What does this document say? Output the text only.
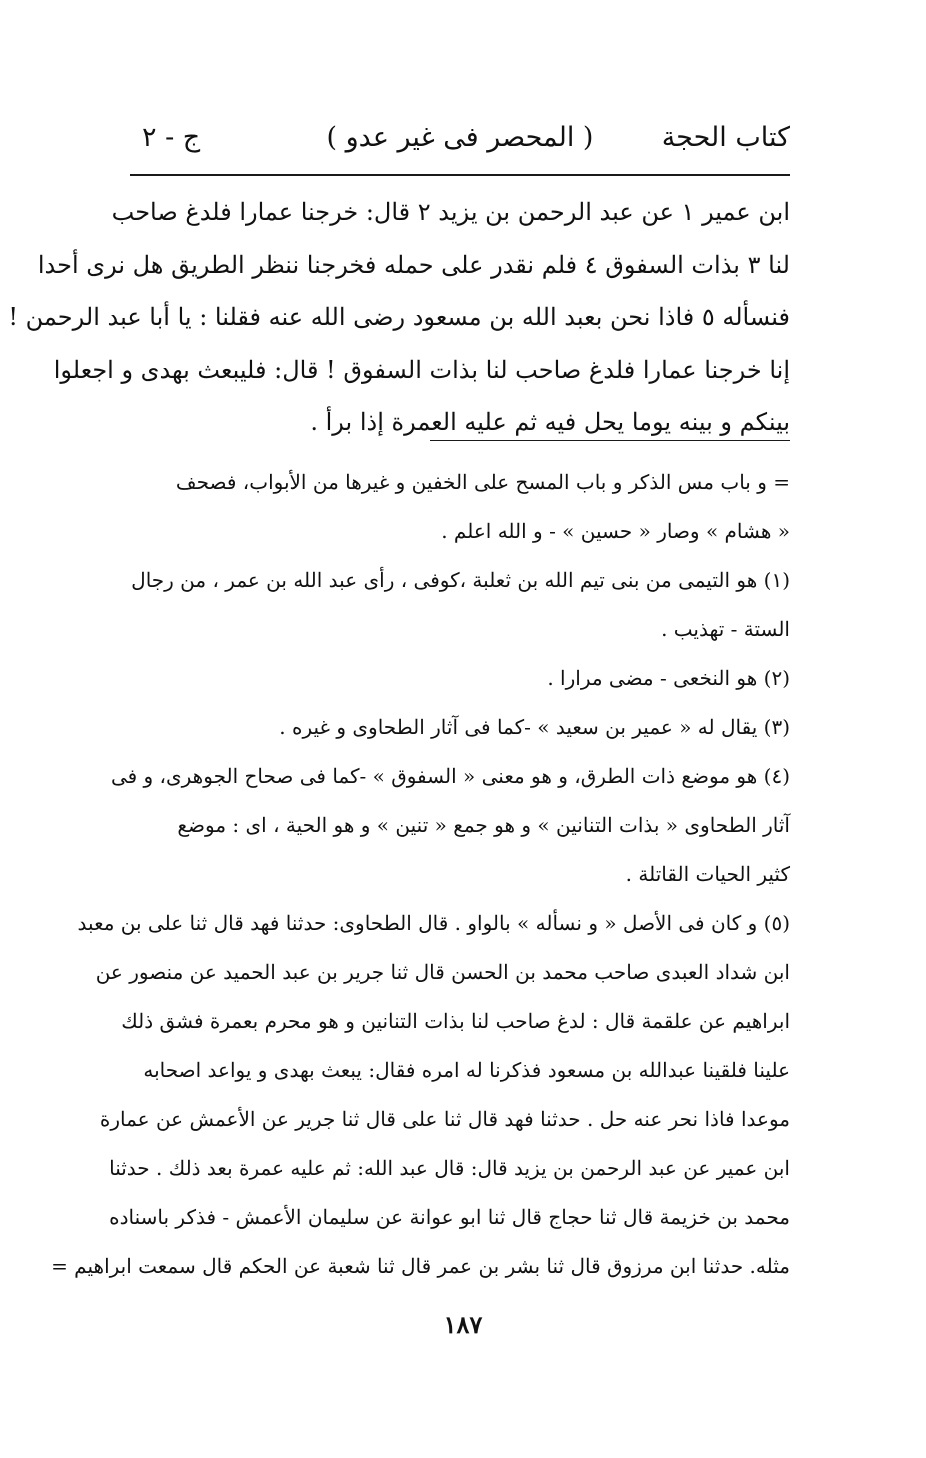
كتاب الحجة
( المحصر فى غير عدو )
ج - ٢
ابن عمير ١ عن عبد الرحمن بن يزيد ٢ قال: خرجنا عمارا فلدغ صاحب
لنا ٣ بذات السفوق ٤ فلم نقدر على حمله فخرجنا ننظر الطريق هل نرى أحدا
فنسأله ٥ فاذا نحن بعبد الله بن مسعود رضى الله عنه فقلنا : يا أبا عبد الرحمن !
إنا خرجنا عمارا فلدغ صاحب لنا بذات السفوق ! قال: فليبعث بهدى و اجعلوا
بينكم و بينه يوما يحل فيه ثم عليه العمرة إذا برأ .
= و باب مس الذكر و باب المسح على الخفين و غيرها من الأبواب، فصحف
« هشام » وصار « حسين » - و الله اعلم .
(١) هو التيمى من بنى تيم الله بن ثعلبة ،كوفى ، رأى عبد الله بن عمر ، من رجال
الستة - تهذيب .
(٢) هو النخعى - مضى مرارا .
(٣) يقال له « عمير بن سعيد » -كما فى آثار الطحاوى و غيره .
(٤) هو موضع ذات الطرق، و هو معنى « السفوق » -كما فى صحاح الجوهرى، و فى
آثار الطحاوى « بذات التنانين » و هو جمع « تنين » و هو الحية ، اى : موضع
كثير الحيات القاتلة .
(٥) و كان فى الأصل « و نسأله » بالواو . قال الطحاوى: حدثنا فهد قال ثنا على بن معبد
ابن شداد العبدى صاحب محمد بن الحسن قال ثنا جرير بن عبد الحميد عن منصور عن
ابراهيم عن علقمة قال : لدغ صاحب لنا بذات التنانين و هو محرم بعمرة فشق ذلك
علينا فلقينا عبدالله بن مسعود فذكرنا له امره فقال: يبعث بهدى و يواعد اصحابه
موعدا فاذا نحر عنه حل . حدثنا فهد قال ثنا على قال ثنا جرير عن الأعمش عن عمارة
ابن عمير عن عبد الرحمن بن يزيد قال: قال عبد الله: ثم عليه عمرة بعد ذلك . حدثنا
محمد بن خزيمة قال ثنا حجاج قال ثنا ابو عوانة عن سليمان الأعمش - فذكر باسناده
مثله. حدثنا ابن مرزوق قال ثنا بشر بن عمر قال ثنا شعبة عن الحكم قال سمعت ابراهيم =
١٨٧
